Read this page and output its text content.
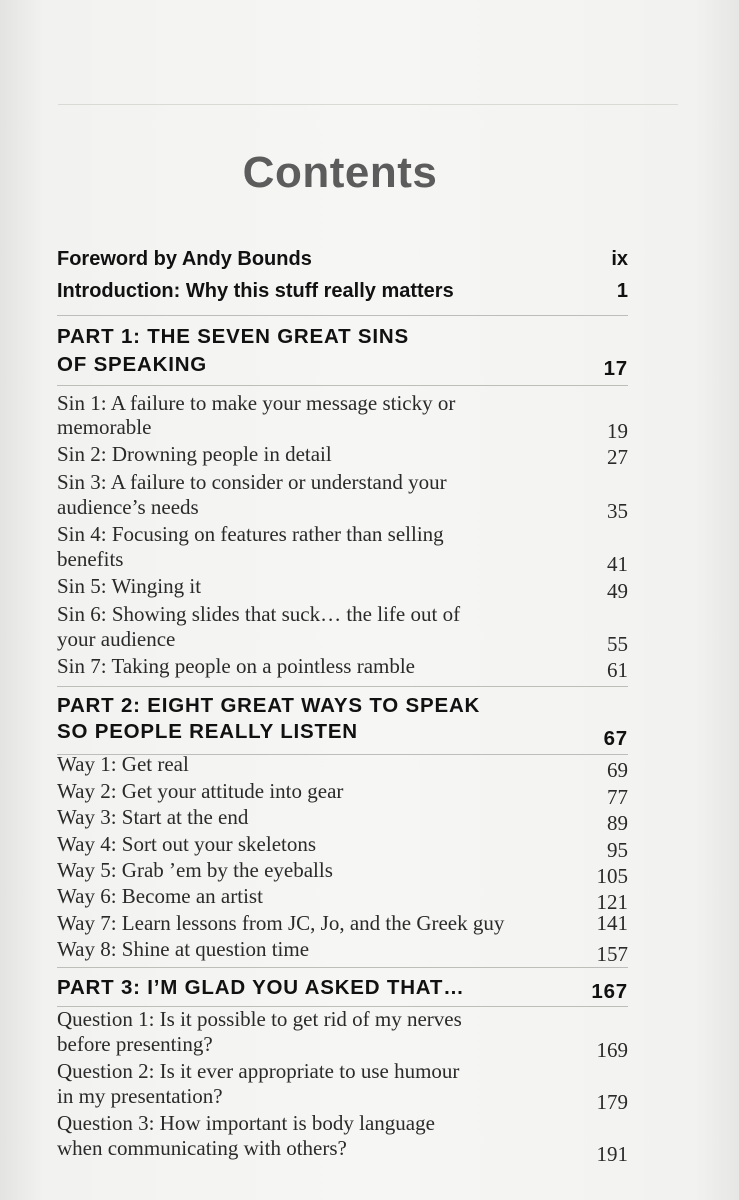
Contents
Foreword by Andy Bounds	ix
Introduction: Why this stuff really matters	1
PART 1: THE SEVEN GREAT SINS
OF SPEAKING	17
Sin 1: A failure to make your message sticky or
memorable	19
Sin 2: Drowning people in detail	27
Sin 3: A failure to consider or understand your
audience’s needs	35
Sin 4: Focusing on features rather than selling
benefits	41
Sin 5: Winging it	49
Sin 6: Showing slides that suck… the life out of
your audience	55
Sin 7: Taking people on a pointless ramble	61
PART 2: EIGHT GREAT WAYS TO SPEAK
SO PEOPLE REALLY LISTEN	67
Way 1: Get real	69
Way 2: Get your attitude into gear	77
Way 3: Start at the end	89
Way 4: Sort out your skeletons	95
Way 5: Grab ’em by the eyeballs	105
Way 6: Become an artist	121
Way 7: Learn lessons from JC, Jo, and the Greek guy	141
Way 8: Shine at question time	157
PART 3: I’M GLAD YOU ASKED THAT…	167
Question 1: Is it possible to get rid of my nerves
before presenting?	169
Question 2: Is it ever appropriate to use humour
in my presentation?	179
Question 3: How important is body language
when communicating with others?	191
